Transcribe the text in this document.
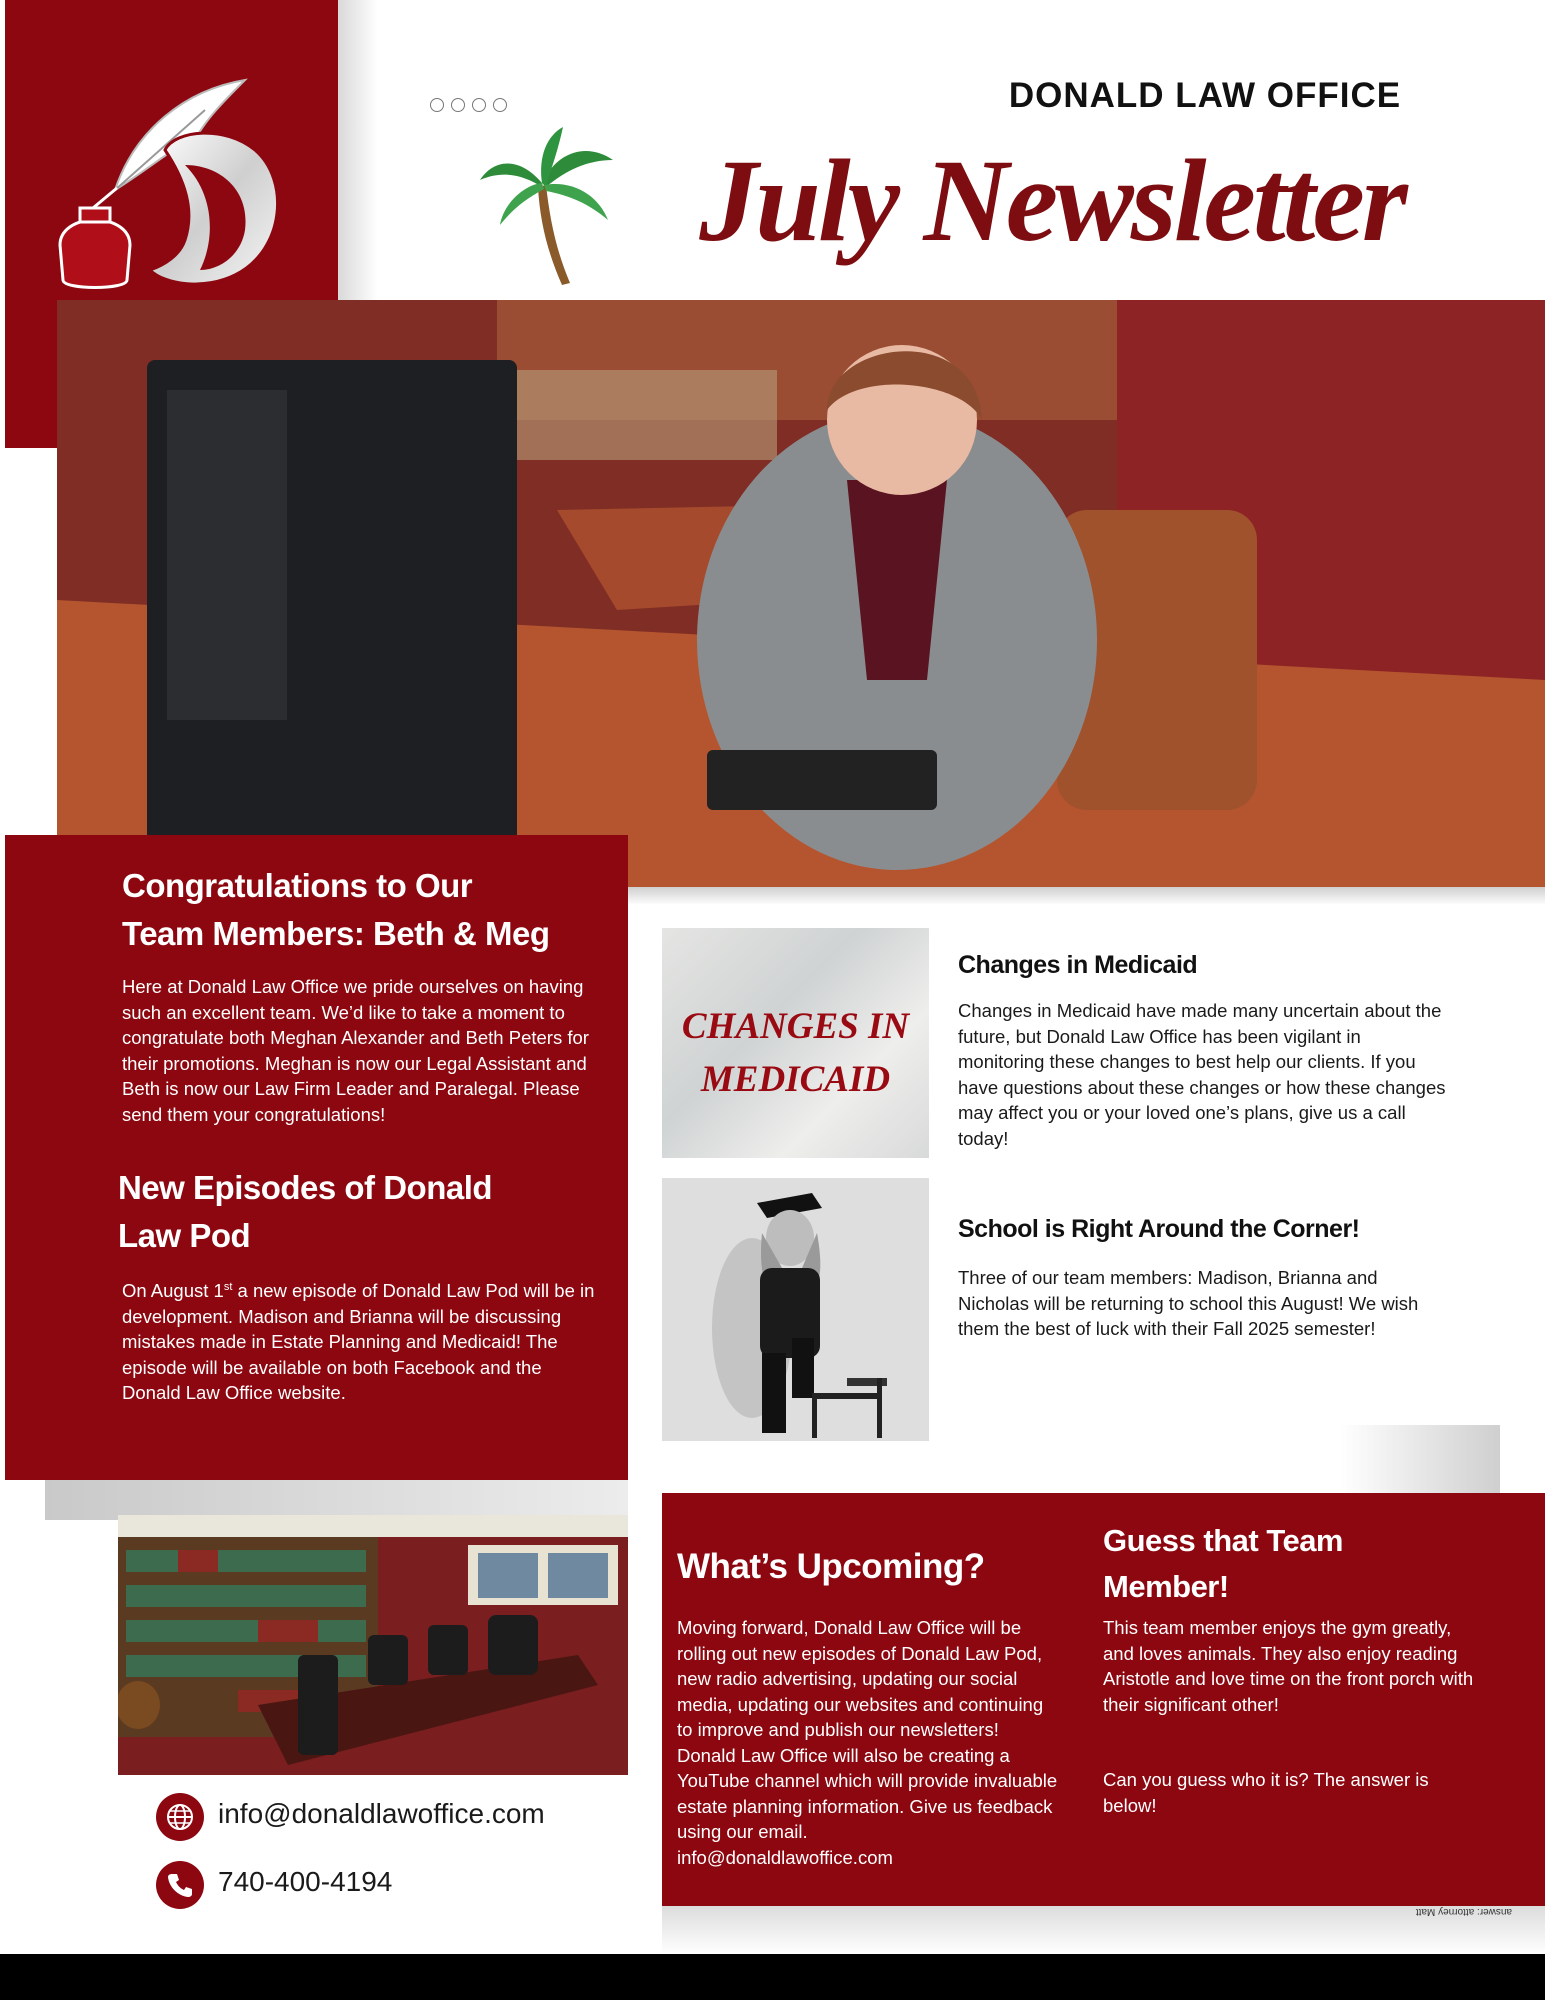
DONALD LAW OFFICE
July Newsletter
Congratulations to Our
Team Members: Beth & Meg
Here at Donald Law Office we pride ourselves on having such an excellent team. We’d like to take a moment to congratulate both Meghan Alexander and Beth Peters for their promotions. Meghan is now our Legal Assistant and Beth is now our Law Firm Leader and Paralegal. Please send them your congratulations!
New Episodes of Donald
Law Pod
On August 1st a new episode of Donald Law Pod will be in development. Madison and Brianna will be discussing mistakes made in Estate Planning and Medicaid! The episode will be available on both Facebook and the Donald Law Office website.
CHANGES IN
MEDICAID
Changes in Medicaid
Changes in Medicaid have made many uncertain about the future, but Donald Law Office has been vigilant in monitoring these changes to best help our clients. If you have questions about these changes or how these changes may affect you or your loved one’s plans, give us a call today!
School is Right Around the Corner!
Three of our team members: Madison, Brianna and Nicholas will be returning to school this August! We wish them the best of luck with their Fall 2025 semester!
info@donaldlawoffice.com
740-400-4194
What’s Upcoming?
Moving forward, Donald Law Office will be rolling out new episodes of Donald Law Pod, new radio advertising, updating our social media, updating our websites and continuing to improve and publish our newsletters! Donald Law Office will also be creating a YouTube channel which will provide invaluable estate planning information. Give us feedback using our email.
info@donaldlawoffice.com
Guess that Team
Member!
This team member enjoys the gym greatly, and loves animals. They also enjoy reading Aristotle and love time on the front porch with their significant other!
Can you guess who it is? The answer is below!
answer: attorney Matt
